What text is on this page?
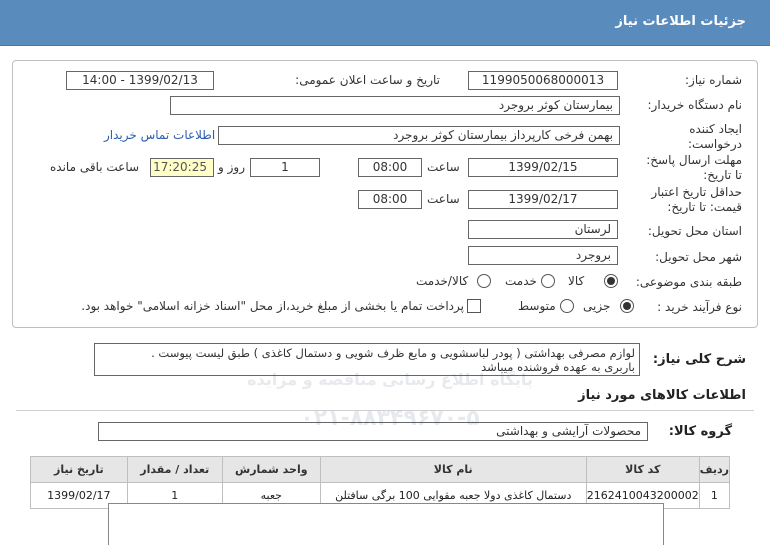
جزئیات اطلاعات نیاز
شماره نیاز:
1199050068000013
تاریخ و ساعت اعلان عمومی:
1399/02/13 - 14:00
نام دستگاه خریدار:
بیمارستان کوثر بروجرد
ایجاد کننده
درخواست:
بهمن فرخی کارپرداز بیمارستان کوثر بروجرد
اطلاعات تماس خریدار
مهلت ارسال پاسخ:
تا تاریخ:
1399/02/15
ساعت
08:00
1
روز و
17:20:25
ساعت باقی مانده
حداقل تاریخ اعتبار
قیمت: تا تاریخ:
1399/02/17
ساعت
08:00
استان محل تحویل:
لرستان
شهر محل تحویل:
بروجرد
طبقه بندی موضوعی:
کالا
خدمت
کالا/خدمت
نوع فرآیند خرید :
جزیی
متوسط
پرداخت تمام یا بخشی از مبلغ خرید،از محل "اسناد خزانه اسلامی" خواهد بود.
شرح کلی نیاز:
لوازم مصرفی بهداشتی ( پودر لباسشویی و مایع ظرف شویی و دستمال کاغذی ) طبق لیست پیوست .
باربری به عهده فروشنده میباشد
اطلاعات کالاهای مورد نیاز
گروه کالا:
محصولات آرایشی و بهداشتی
ردیف	کد کالا	نام کالا	واحد شمارش	تعداد / مقدار	تاریخ نیاز
1	2162410043200002	دستمال کاغذی دولا جعبه مقوایی 100 برگی سافتلن	جعبه	1	1399/02/17
پایگاه اطلاع رسانی مناقصه و مزایده
۰۲۱-۸۸۳۴۹۶۷۰-۵
